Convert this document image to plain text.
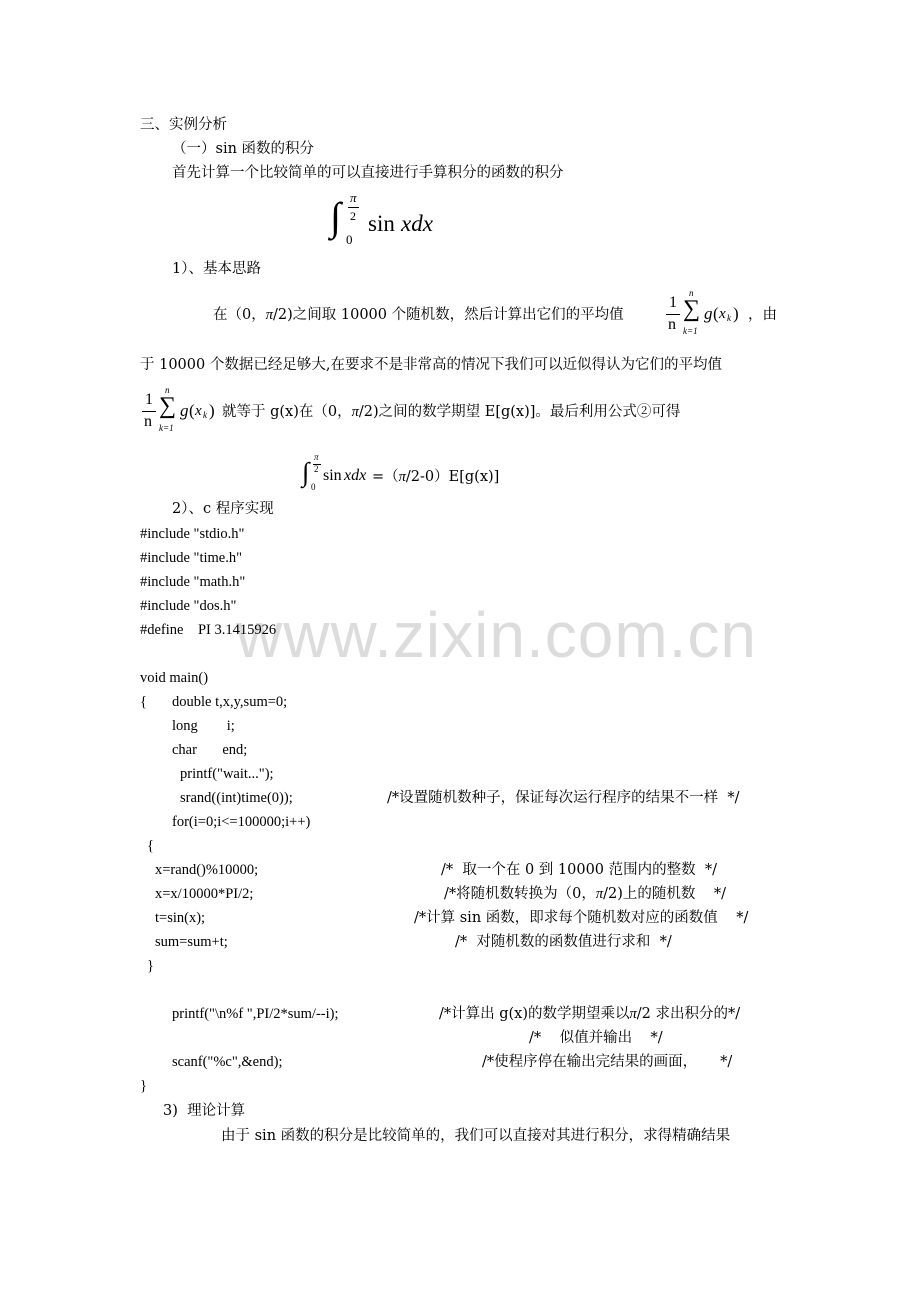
www.zixin.com.cn
三、实例分析
（一）sin 函数的积分
首先计算一个比较简单的可以直接进行手算积分的函数的积分
∫ π
2
0
sin xdx
1）、基本思路
在（0，π/2)之间取 10000 个随机数，然后计算出它们的平均值
1
n
n
∑
k=1
g ( x k ) ，由
于 10000 个数据已经足够大,在要求不是非常高的情况下我们可以近似得认为它们的平均值
1
n
n
∑
k=1
g ( x k ) 就等于 g(x)在（0，π/2)之间的数学期望 E[g(x)]。最后利用公式②可得
∫ π
2
0
sin xdx =（π/2-0）E[g(x)]
2）、c 程序实现
#include "stdio.h"
#include "time.h"
#include "math.h"
#include "dos.h"
#define    PI 3.1415926
void main()
{ double t,x,y,sum=0;
long        i;
char       end;
printf("wait...");
srand((int)time(0));	/*设置随机数种子，保证每次运行程序的结果不一样  */
for(i=0;i<=100000;i++)
{
x=rand()%10000;	/*  取一个在 0 到 10000 范围内的整数  */
x=x/10000*PI/2;	/*将随机数转换为（0，π/2)上的随机数    */
t=sin(x);	/*计算 sin 函数，即求每个随机数对应的函数值    */
sum=sum+t;	/*  对随机数的函数值进行求和  */
}
printf("\n%f ",PI/2*sum/--i);	/*计算出 g(x)的数学期望乘以π/2 求出积分的*/
/*    似值并输出    */
scanf("%c",&end);	/*使程序停在输出完结果的画面，     */
}
3)  理论计算
由于 sin 函数的积分是比较简单的，我们可以直接对其进行积分，求得精确结果
